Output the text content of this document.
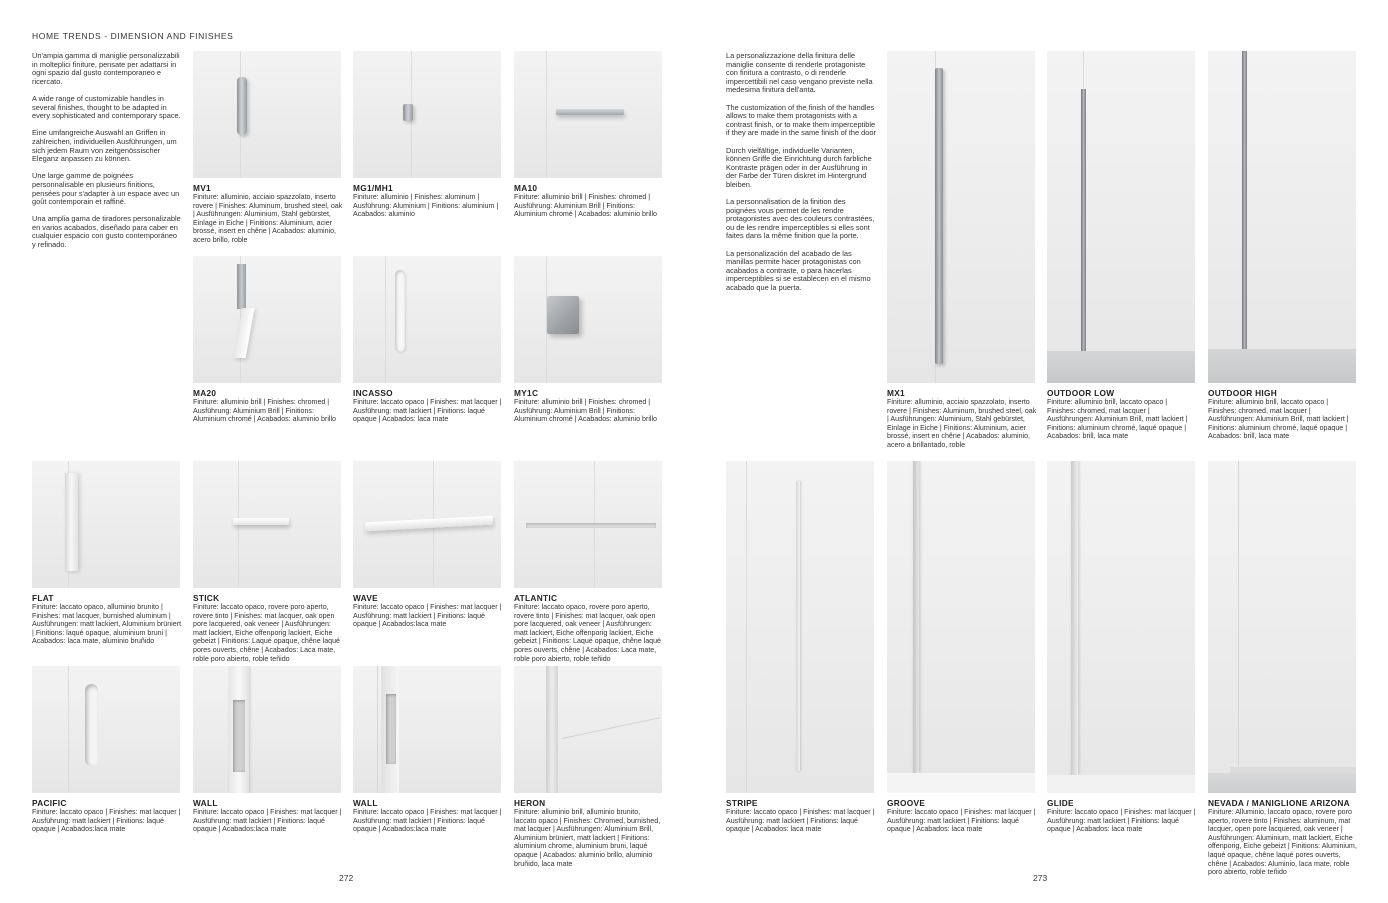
HOME TRENDS - DIMENSION AND FINISHES

Un'ampia gamma di maniglie personalizzabili in molteplici finiture, pensate per adattarsi in ogni spazio dal gusto contemporaneo e ricercato.

A wide range of customizable handles in several finishes, thought to be adapted in every sophisticated and contemporary space.

Eine umfangreiche Auswahl an Griffen in zahlreichen, individuellen Ausführungen, um sich jedem Raum von zeitgenössischer Eleganz anpassen zu können.

Une large gamme de poignées personnalisable en plusieurs finitions, pensées pour s'adapter à un espace avec un goût contemporain et raffiné.

Una amplia gama de tiradores personalizable en varios acabados, diseñado para caber en cualquier espacio con gusto contemporáneo y refinado.

La personalizzazione della finitura delle maniglie consente di renderle protagoniste con finitura a contrasto, o di renderle impercettibili nel caso vengano previste nella medesima finitura dell'anta.

The customization of the finish of the handles allows to make them protagonists with a contrast finish, or to make them imperceptible if they are made in the same finish of the door

Durch vielfältige, individuelle Varianten, können Griffe die Einrichtung durch farbliche Kontraste prägen oder in der Ausführung in der Farbe der Türen diskret im Hintergrund bleiben.

La personnalisation de la finition des poignées vous permet de les rendre protagonistes avec des couleurs contrastées, ou de les rendre imperceptibles si elles sont faites dans la même finition que la porte.

La personalización del acabado de las manillas permite hacer protagonistas con acabados a contraste, o para hacerlas imperceptibles si se establecen en el mismo acabado que la puerta.

MV1
Finiture: alluminio, acciaio spazzolato, inserto rovere | Finishes: Aluminum, brushed steel, oak | Ausführungen: Aluminium, Stahl gebürstet, Einlage in Eiche | Finitions: Aluminium, acier brossé, insert en chêne | Acabados: aluminio, acero brillo, roble
MG1/MH1
Finiture: alluminio | Finishes: aluminum | Ausführung: Aluminium | Finitions: aluminium | Acabados: aluminio
MA10
Finiture: alluminio brill | Finishes: chromed | Ausführung: Aluminium Brill | Finitions: Aluminium chromé | Acabados: aluminio brillo
MA20
Finiture: alluminio brill | Finishes: chromed | Ausführung: Aluminium Brill | Finitions: Aluminium chromé | Acabados: aluminio brillo
INCASSO
Finiture: laccato opaco | Finishes: mat lacquer | Ausführung: matt lackiert | Finitions: laqué opaque | Acabados: laca mate
MY1C
Finiture: alluminio brill | Finishes: chromed | Ausführung: Aluminium Brill | Finitions: Aluminium chromé | Acabados: aluminio brillo
MX1
Finiture: alluminio, acciaio spazzolato, inserto rovere | Finishes: Aluminum, brushed steel, oak | Ausführungen: Aluminium, Stahl gebürstet, Einlage in Eiche | Finitions: Aluminium, acier brossé, insert en chêne | Acabados: aluminio, acero a brillantado, roble
OUTDOOR LOW
Finiture: alluminio brill, laccato opaco | Finishes: chromed, mat lacquer | Ausführungen: Aluminium Brill, matt lackiert | Finitions: aluminium chromé, laqué opaque | Acabados: brill, laca mate
OUTDOOR HIGH
Finiture: alluminio brill, laccato opaco | Finishes: chromed, mat lacquer | Ausführungen: Aluminium Brill, matt lackiert | Finitions: aluminium chromé, laqué opaque | Acabados: brill, laca mate
FLAT
Finiture: laccato opaco, alluminio brunito | Finishes: mat lacquer, burnished aluminum | Ausführungen: matt lackiert, Aluminium brüniert | Finitions: laqué opaque, aluminium bruni | Acabados: laca mate, aluminio bruñido
STICK
Finiture: laccato opaco, rovere poro aperto, rovere tinto | Finishes: mat lacquer, oak open pore lacquered, oak veneer | Ausführungen: matt lackiert, Eiche offenporig lackiert, Eiche gebeizt | Finitions: Laqué opaque, chêne laqué pores ouverts, chêne | Acabados: Laca mate, roble poro abierto, roble teñido
WAVE
Finiture: laccato opaco | Finishes: mat lacquer | Ausführung: matt lackiert | Finitions: laqué opaque | Acabados:laca mate
ATLANTIC
Finiture: laccato opaco, rovere poro aperto, rovere tinto | Finishes: mat lacquer, oak open pore lacquered, oak veneer | Ausführungen: matt lackiert, Eiche offenporig lackiert, Eiche gebeizt | Finitions: Laqué opaque, chêne laqué pores ouverts, chêne | Acabados: Laca mate, roble poro abierto, roble teñido
PACIFIC
Finiture: laccato opaco | Finishes: mat lacquer | Ausführung: matt lackiert | Finitions: laqué opaque | Acabados:laca mate
WALL
Finiture: laccato opaco | Finishes: mat lacquer | Ausführung: matt lackiert | Finitions: laqué opaque | Acabados:laca mate
WALL
Finiture: laccato opaco | Finishes: mat lacquer | Ausführung: matt lackiert | Finitions: laqué opaque | Acabados:laca mate
HERON
Finiture: alluminio brill, alluminio brunito, laccato opaco | Finishes: Chromed, burnished, mat lacquer | Ausführungen: Aluminium Brill, Aluminium brüniert, matt lackiert | Finitions: aluminium chrome, aluminium bruni, laqué opaque | Acabados: aluminio brillo, aluminio bruñido, laca mate
STRIPE
Finiture: laccato opaco | Finishes: mat lacquer | Ausführung: matt lackiert | Finitions: laqué opaque | Acabados: laca mate
GROOVE
Finiture: laccato opaco | Finishes: mat lacquer | Ausführung: matt lackiert | Finitions: laqué opaque | Acabados: laca mate
GLIDE
Finiture: laccato opaco | Finishes: mat lacquer | Ausführung: matt lackiert | Finitions: laqué opaque | Acabados: laca mate
NEVADA / MANIGLIONE ARIZONA
Finiture: Alluminio, laccato opaco, rovere poro aperto, rovere tinto | Finishes: aluminum, mat lacquer, open pore lacquered, oak veneer | Ausführungen: Aluminium, matt lackiert, Eiche offenporig, Eiche gebeizt | Finitions: Aluminium, laqué opaque, chêne laqué pores ouverts, chêne | Acabados: Aluminio, laca mate, roble poro abierto, roble teñido
272	273
